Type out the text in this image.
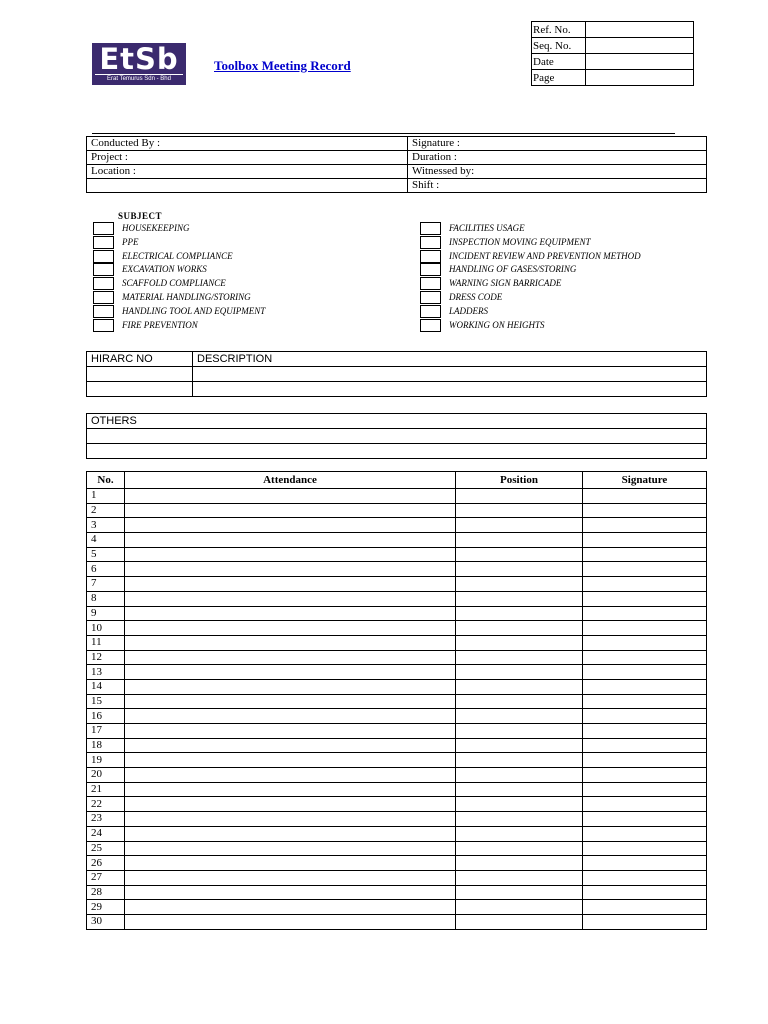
EtSb
Erat Temurus Sdn - Bhd
Toolbox Meeting Record
Ref. No.	
Seq. No.	
Date	
Page	
Conducted By :	Signature :
Project :	Duration :
Location :	Witnessed by:
	Shift :
SUBJECT
HOUSEKEEPING
PPE
ELECTRICAL COMPLIANCE
EXCAVATION WORKS
SCAFFOLD COMPLIANCE
MATERIAL HANDLING/STORING
HANDLING TOOL AND EQUIPMENT
FIRE PREVENTION
FACILITIES USAGE
INSPECTION MOVING EQUIPMENT
INCIDENT REVIEW AND PREVENTION METHOD
HANDLING OF GASES/STORING
WARNING SIGN BARRICADE
DRESS CODE
LADDERS
WORKING ON HEIGHTS
HIRARC NO	DESCRIPTION

OTHERS

No.	Attendance	Position	Signature
1			
2			
3			
4			
5			
6			
7			
8			
9			
10			
11			
12			
13			
14			
15			
16			
17			
18			
19			
20			
21			
22			
23			
24			
25			
26			
27			
28			
29			
30			
